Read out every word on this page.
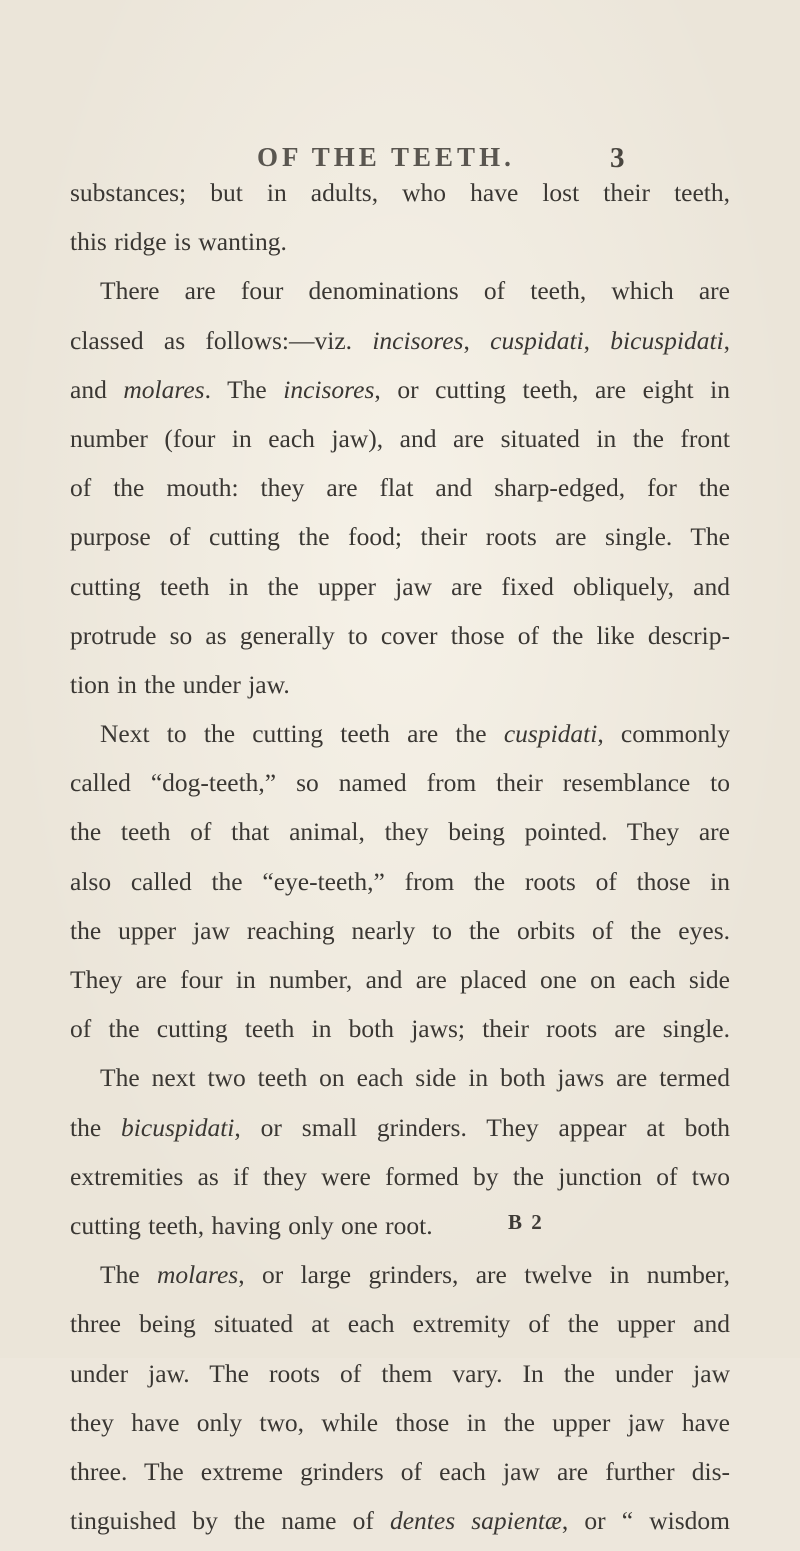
OF THE TEETH.	3
substances; but in adults, who have lost their teeth,
this ridge is wanting.
There are four denominations of teeth, which are
classed as follows:—viz. incisores, cuspidati, bicuspidati,
and molares. The incisores, or cutting teeth, are eight in
number (four in each jaw), and are situated in the front
of the mouth: they are flat and sharp-edged, for the
purpose of cutting the food; their roots are single. The
cutting teeth in the upper jaw are fixed obliquely, and
protrude so as generally to cover those of the like descrip-
tion in the under jaw.
Next to the cutting teeth are the cuspidati, commonly
called “dog-teeth,” so named from their resemblance to
the teeth of that animal, they being pointed. They are
also called the “eye-teeth,” from the roots of those in
the upper jaw reaching nearly to the orbits of the eyes.
They are four in number, and are placed one on each side
of the cutting teeth in both jaws; their roots are single.
The next two teeth on each side in both jaws are termed
the bicuspidati, or small grinders. They appear at both
extremities as if they were formed by the junction of two
cutting teeth, having only one root.
The molares, or large grinders, are twelve in number,
three being situated at each extremity of the upper and
under jaw. The roots of them vary. In the under jaw
they have only two, while those in the upper jaw have
three. The extreme grinders of each jaw are further dis-
tinguished by the name of dentes sapientæ, or “ wisdom
B 2
